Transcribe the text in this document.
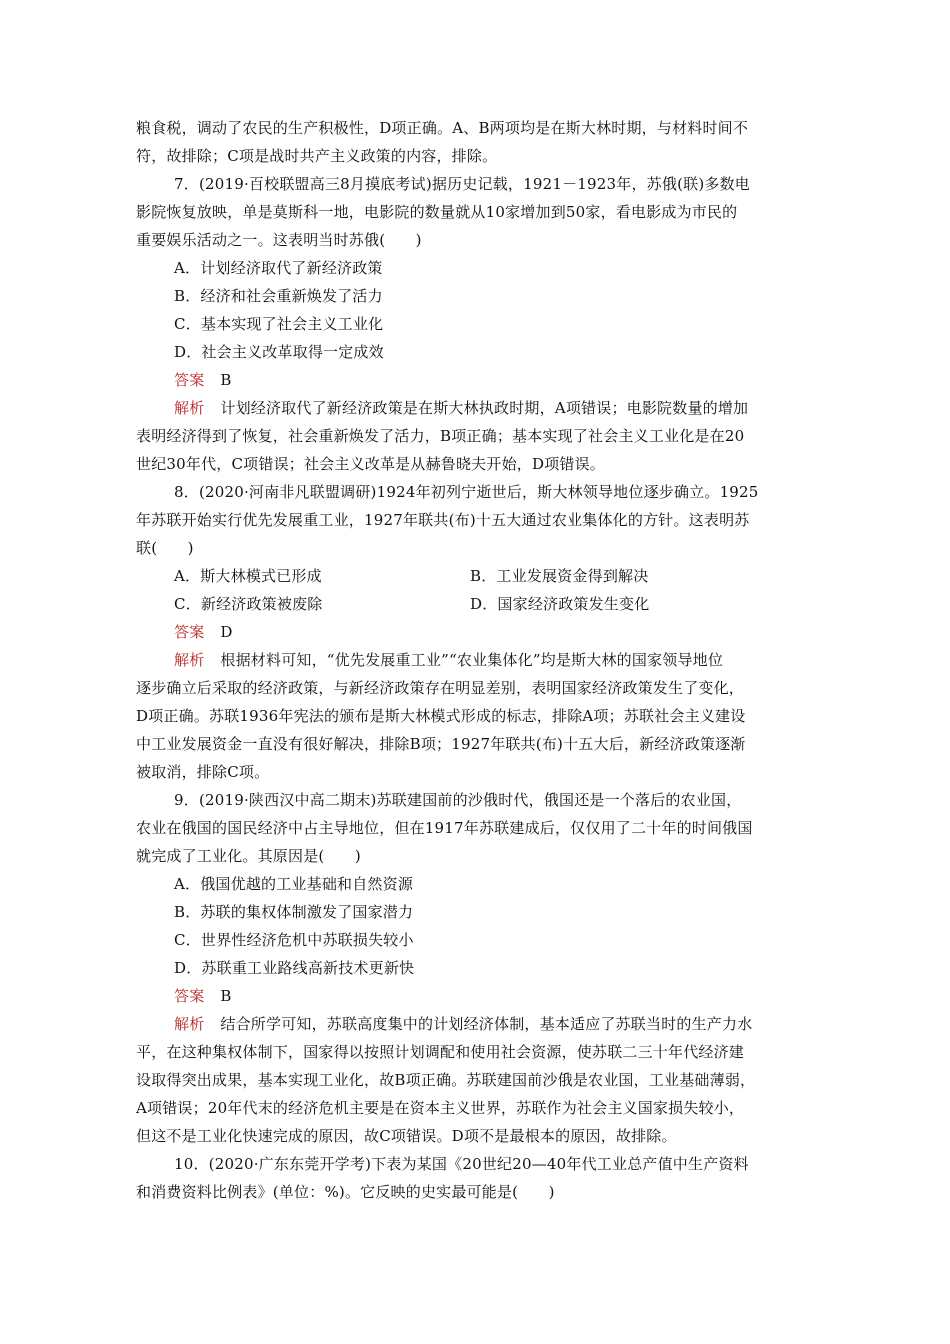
粮食税，调动了农民的生产积极性，D项正确。A、B两项均是在斯大林时期，与材料时间不
符，故排除；C项是战时共产主义政策的内容，排除。
7．(2019·百校联盟高三8月摸底考试)据历史记载，1921－1923年，苏俄(联)多数电
影院恢复放映，单是莫斯科一地，电影院的数量就从10家增加到50家，看电影成为市民的
重要娱乐活动之一。这表明当时苏俄(　　)
A．计划经济取代了新经济政策
B．经济和社会重新焕发了活力
C．基本实现了社会主义工业化
D．社会主义改革取得一定成效
答案 B
解析 计划经济取代了新经济政策是在斯大林执政时期，A项错误；电影院数量的增加
表明经济得到了恢复，社会重新焕发了活力，B项正确；基本实现了社会主义工业化是在20
世纪30年代，C项错误；社会主义改革是从赫鲁晓夫开始，D项错误。
8．(2020·河南非凡联盟调研)1924年初列宁逝世后，斯大林领导地位逐步确立。1925
年苏联开始实行优先发展重工业，1927年联共(布)十五大通过农业集体化的方针。这表明苏
联(　　)
A．斯大林模式已形成	B．工业发展资金得到解决
C．新经济政策被废除	D．国家经济政策发生变化
答案 D
解析 根据材料可知，“优先发展重工业”“农业集体化”均是斯大林的国家领导地位
逐步确立后采取的经济政策，与新经济政策存在明显差别，表明国家经济政策发生了变化，
D项正确。苏联1936年宪法的颁布是斯大林模式形成的标志，排除A项；苏联社会主义建设
中工业发展资金一直没有很好解决，排除B项；1927年联共(布)十五大后，新经济政策逐渐
被取消，排除C项。
9．(2019·陕西汉中高二期末)苏联建国前的沙俄时代，俄国还是一个落后的农业国，
农业在俄国的国民经济中占主导地位，但在1917年苏联建成后，仅仅用了二十年的时间俄国
就完成了工业化。其原因是(　　)
A．俄国优越的工业基础和自然资源
B．苏联的集权体制激发了国家潜力
C．世界性经济危机中苏联损失较小
D．苏联重工业路线高新技术更新快
答案 B
解析 结合所学可知，苏联高度集中的计划经济体制，基本适应了苏联当时的生产力水
平，在这种集权体制下，国家得以按照计划调配和使用社会资源，使苏联二三十年代经济建
设取得突出成果，基本实现工业化，故B项正确。苏联建国前沙俄是农业国，工业基础薄弱，
A项错误；20年代末的经济危机主要是在资本主义世界，苏联作为社会主义国家损失较小，
但这不是工业化快速完成的原因，故C项错误。D项不是最根本的原因，故排除。
10．(2020·广东东莞开学考)下表为某国《20世纪20—40年代工业总产值中生产资料
和消费资料比例表》(单位：%)。它反映的史实最可能是(　　)
